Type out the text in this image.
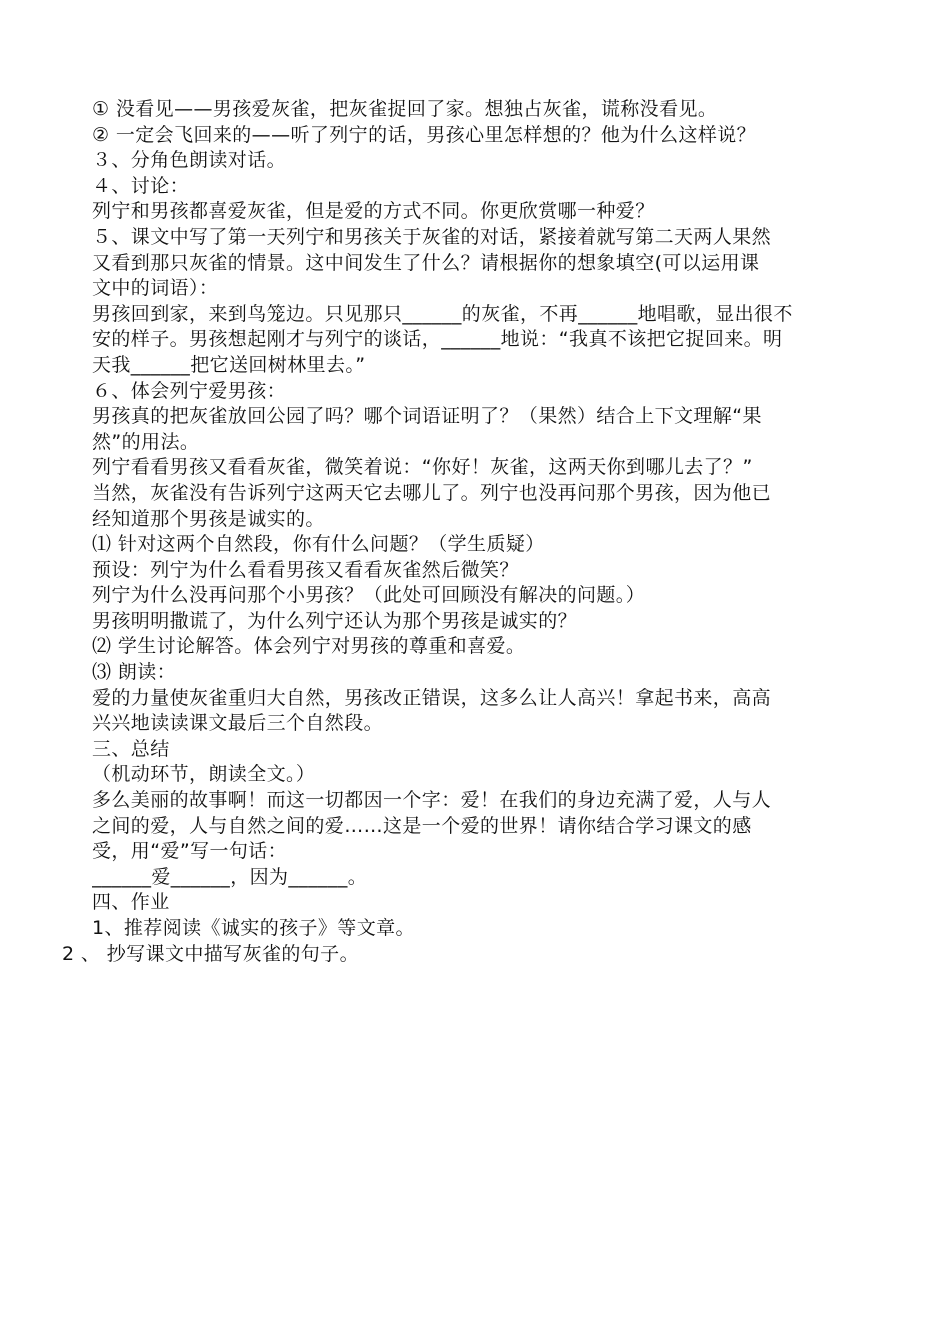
① 没看见——男孩爱灰雀，把灰雀捉回了家。想独占灰雀，谎称没看见。
② 一定会飞回来的——听了列宁的话，男孩心里怎样想的？他为什么这样说？
３、分角色朗读对话。
４、讨论：
列宁和男孩都喜爱灰雀，但是爱的方式不同。你更欣赏哪一种爱？
５、课文中写了第一天列宁和男孩关于灰雀的对话，紧接着就写第二天两人果然
又看到那只灰雀的情景。这中间发生了什么？请根据你的想象填空(可以运用课
文中的词语）：
男孩回到家，来到鸟笼边。只见那只______的灰雀，不再______地唱歌，显出很不
安的样子。男孩想起刚才与列宁的谈话，______地说：“我真不该把它捉回来。明
天我______把它送回树林里去。”
６、体会列宁爱男孩：
男孩真的把灰雀放回公园了吗？哪个词语证明了？（果然）结合上下文理解“果
然”的用法。
列宁看看男孩又看看灰雀，微笑着说：“你好！灰雀，这两天你到哪儿去了？”
当然，灰雀没有告诉列宁这两天它去哪儿了。列宁也没再问那个男孩，因为他已
经知道那个男孩是诚实的。
⑴ 针对这两个自然段，你有什么问题？（学生质疑）
预设：列宁为什么看看男孩又看看灰雀然后微笑？
列宁为什么没再问那个小男孩？（此处可回顾没有解决的问题。）
男孩明明撒谎了，为什么列宁还认为那个男孩是诚实的？
⑵ 学生讨论解答。体会列宁对男孩的尊重和喜爱。
⑶ 朗读：
爱的力量使灰雀重归大自然，男孩改正错误，这多么让人高兴！拿起书来，高高
兴兴地读读课文最后三个自然段。
三、总结
（机动环节，朗读全文。）
多么美丽的故事啊！而这一切都因一个字：爱！在我们的身边充满了爱，人与人
之间的爱，人与自然之间的爱……这是一个爱的世界！请你结合学习课文的感
受，用“爱”写一句话：
______爱______，因为______。
四、作业
1、推荐阅读《诚实的孩子》等文章。
2 、 抄写课文中描写灰雀的句子。
